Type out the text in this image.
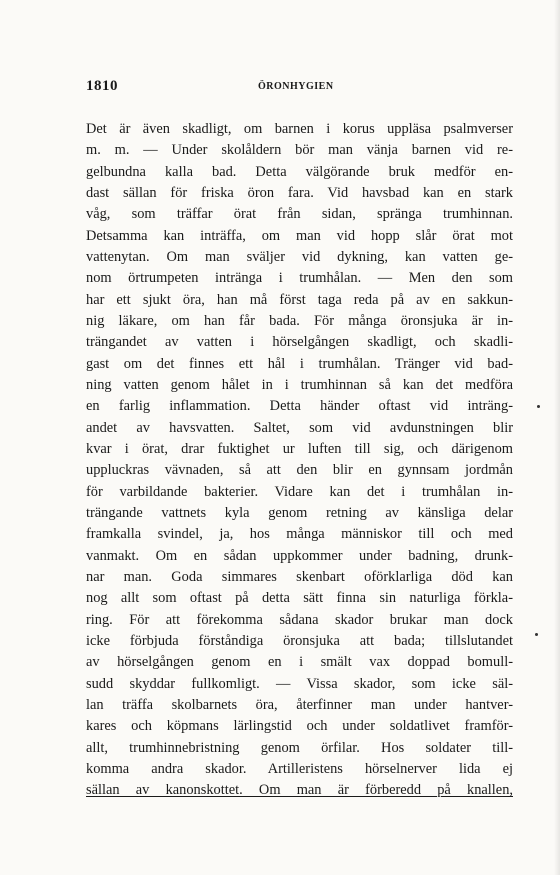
1810	ÖRONHYGIEN
Det är även skadligt, om barnen i korus uppläsa psalmverser
m. m. — Under skolåldern bör man vänja barnen vid re-
gelbundna kalla bad. Detta välgörande bruk medför en-
dast sällan för friska öron fara. Vid havsbad kan en stark
våg, som träffar örat från sidan, spränga trumhinnan.
Detsamma kan inträffa, om man vid hopp slår örat mot
vattenytan. Om man sväljer vid dykning, kan vatten ge-
nom örtrumpeten inträngа i trumhålan. — Men den som
har ett sjukt öra, han må först taga reda på av en sakkun-
nig läkare, om han får bada. För många öronsjuka är in-
trängandet av vatten i hörselgången skadligt, och skadli-
gast om det finnes ett hål i trumhålan. Tränger vid bad-
ning vatten genom hålet in i trumhinnan så kan det medföra
en farlig inflammation. Detta händer oftast vid inträng-
andet av havsvatten. Saltet, som vid avdunstningen blir
kvar i örat, drar fuktighet ur luften till sig, och därigenom
uppluckras vävnaden, så att den blir en gynnsam jordmån
för varbildande bakterier. Vidare kan det i trumhålan in-
trängande vattnets kyla genom retning av känsliga delar
framkalla svindel, ja, hos många människor till och med
vanmakt. Om en sådan uppkommer under badning, drunk-
nar man. Goda simmares skenbart oförklarliga död kan
nog allt som oftast på detta sätt finna sin naturliga förkla-
ring. För att förekomma sådana skador brukar man dock
icke förbjuda förståndiga öronsjuka att bada; tillslutandet
av hörselgången genom en i smält vax doppad bomull-
sudd skyddar fullkomligt. — Vissa skador, som icke säl-
lan träffa skolbarnets öra, återfinner man under hantver-
kares och köpmans lärlingstid och under soldatlivet framför-
allt, trumhinnebristning genom örfilar. Hos soldater till-
komma andra skador. Artilleristens hörselnerver lida ej
sällan av kanonskottet. Om man är förberedd på knallen,
